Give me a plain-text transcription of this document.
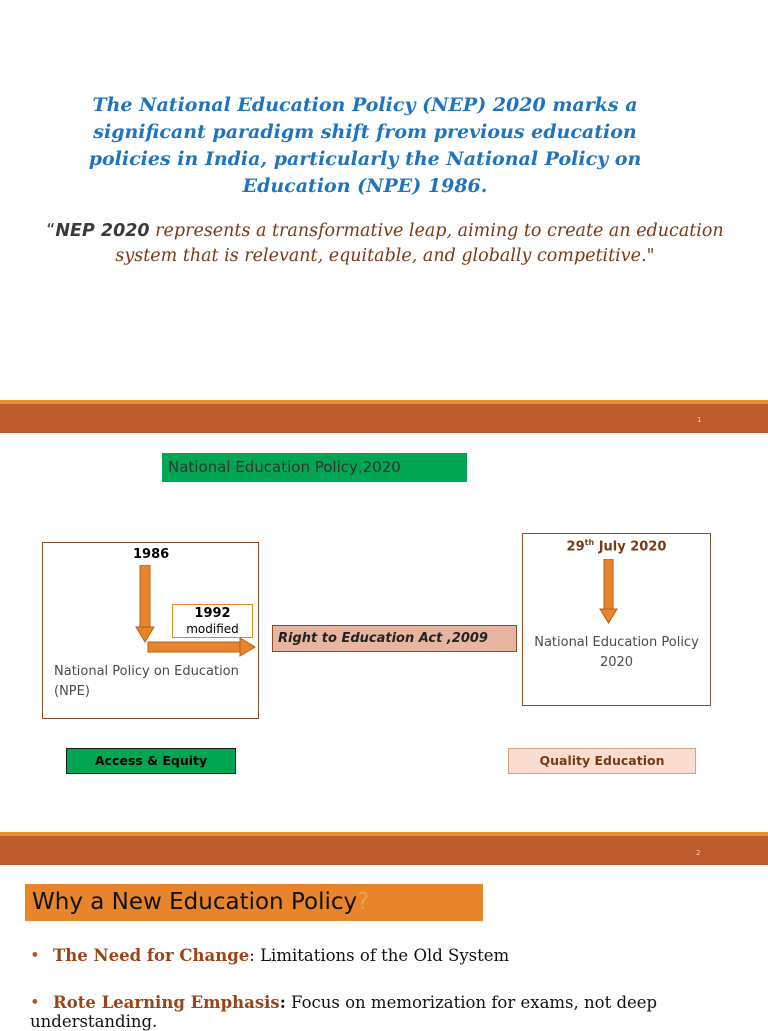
The National Education Policy (NEP) 2020 marks a significant paradigm shift from previous education policies in India, particularly the National Policy on Education (NPE) 1986.
“NEP 2020 represents a transformative leap, aiming to create an education system that is relevant, equitable, and globally competitive."
1
National Education Policy,2020
1986
1992
modified
National Policy on Education (NPE)
Right to Education Act ,2009
29th July 2020
National Education Policy 2020
Access & Equity	Quality Education
2
Why a New Education Policy?
• The Need for Change: Limitations of the Old System
• Rote Learning Emphasis: Focus on memorization for exams, not deep understanding.
